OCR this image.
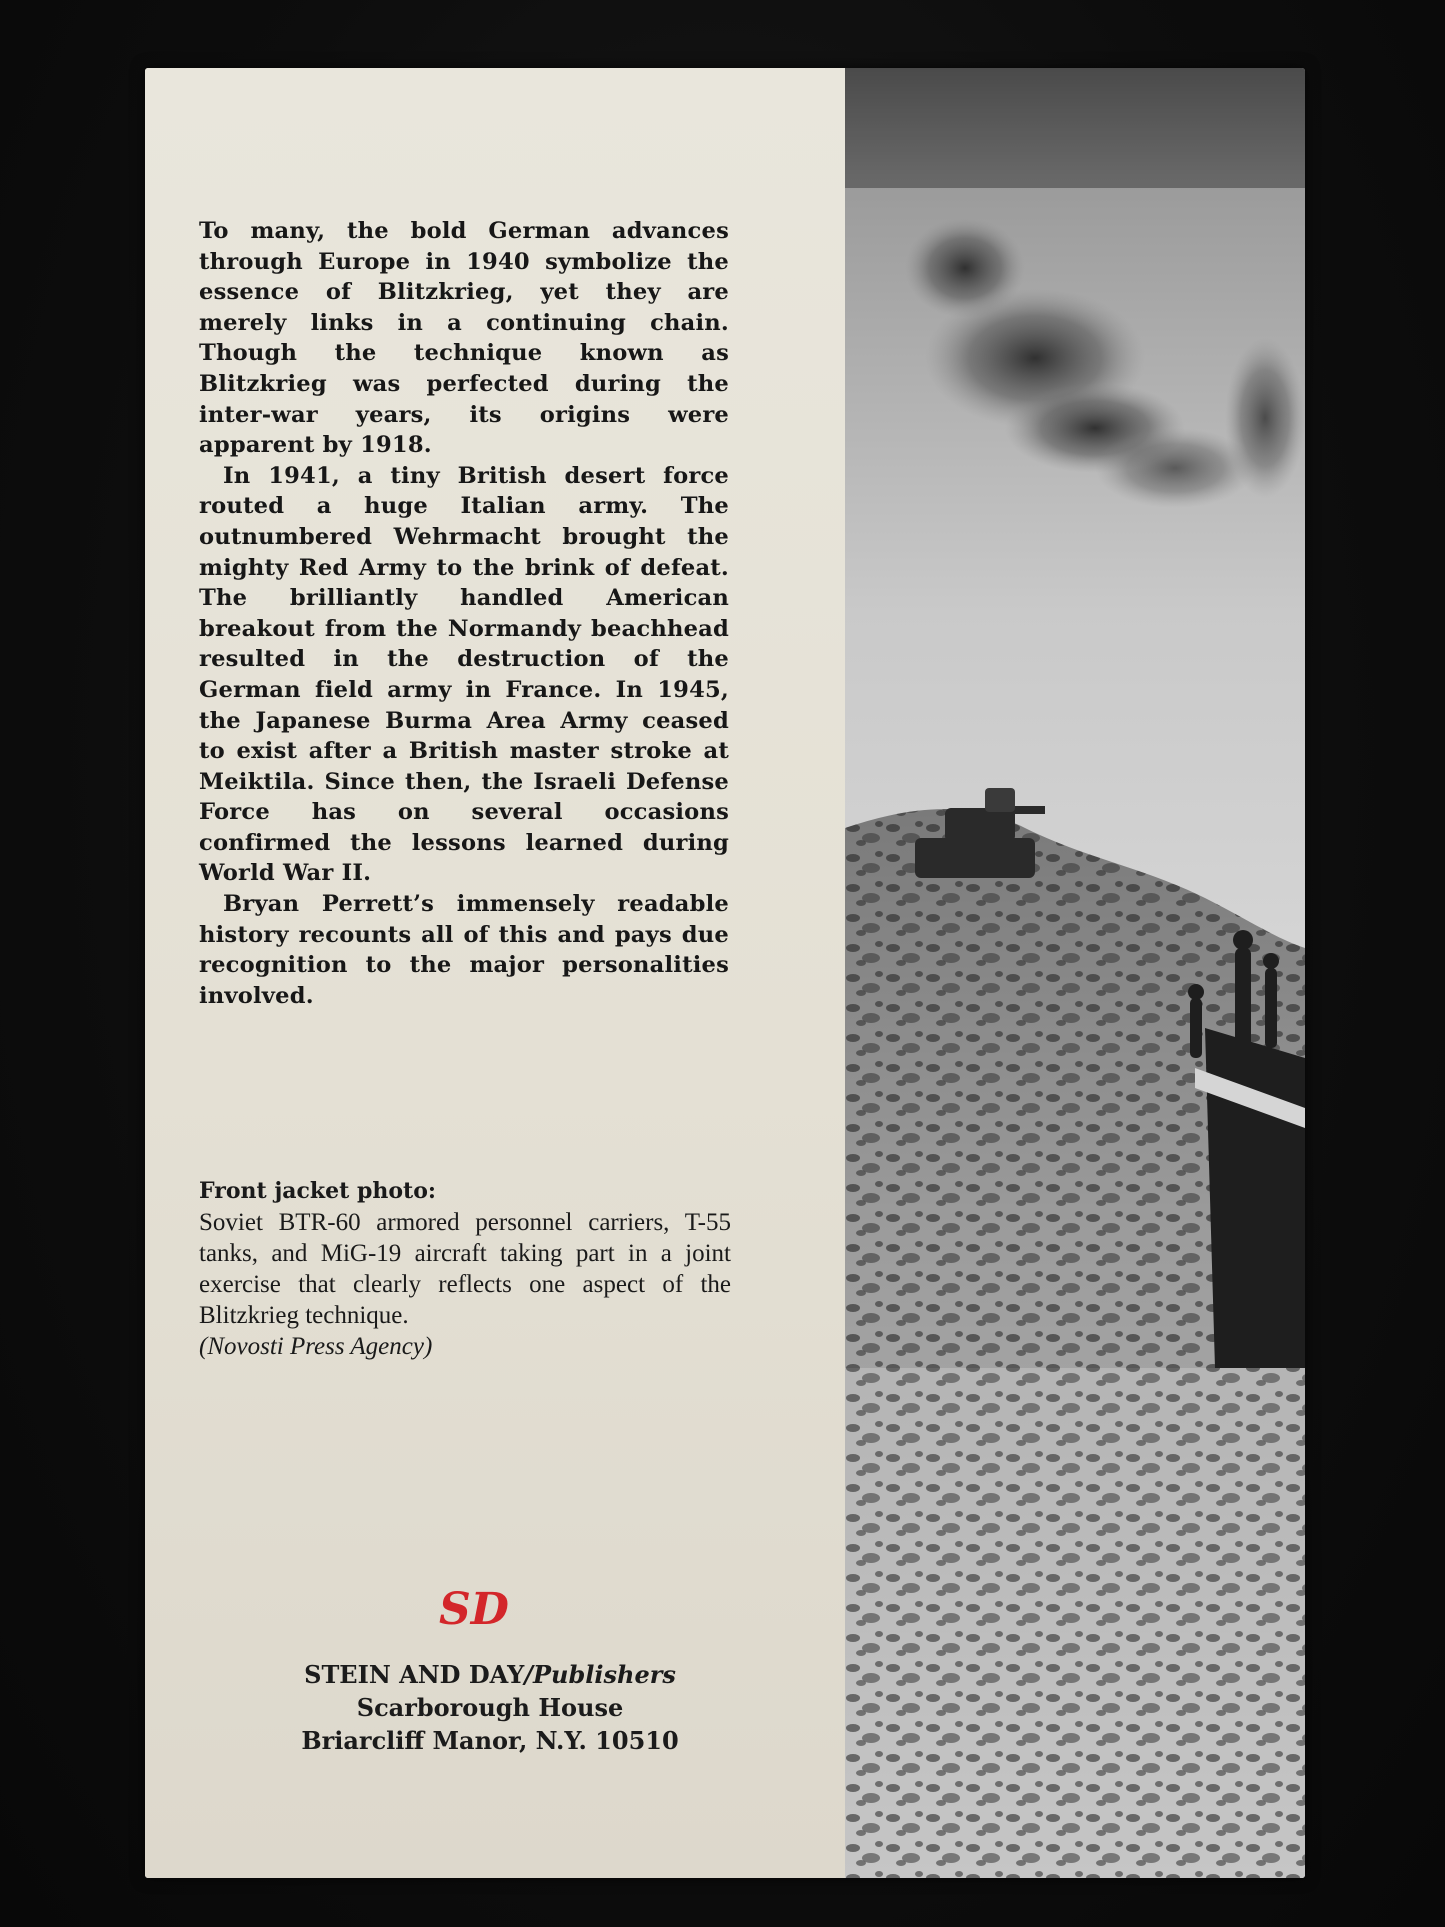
To many, the bold German advances through Europe in 1940 symbolize the essence of Blitzkrieg, yet they are merely links in a continuing chain. Though the technique known as Blitzkrieg was perfected during the inter-war years, its origins were apparent by 1918.

In 1941, a tiny British desert force routed a huge Italian army. The outnumbered Wehrmacht brought the mighty Red Army to the brink of defeat. The brilliantly handled American breakout from the Normandy beachhead resulted in the destruction of the German field army in France. In 1945, the Japanese Burma Area Army ceased to exist after a British master stroke at Meiktila. Since then, the Israeli Defense Force has on several occasions confirmed the lessons learned during World War II.

Bryan Perrett’s immensely readable history recounts all of this and pays due recognition to the major personalities involved.

Front jacket photo:
Soviet BTR-60 armored personnel carriers, T-55 tanks, and MiG-19 aircraft taking part in a joint exercise that clearly reflects one aspect of the Blitzkrieg technique.
(Novosti Press Agency)
SD
STEIN AND DAY/Publishers
Scarborough House
Briarcliff Manor, N.Y. 10510
